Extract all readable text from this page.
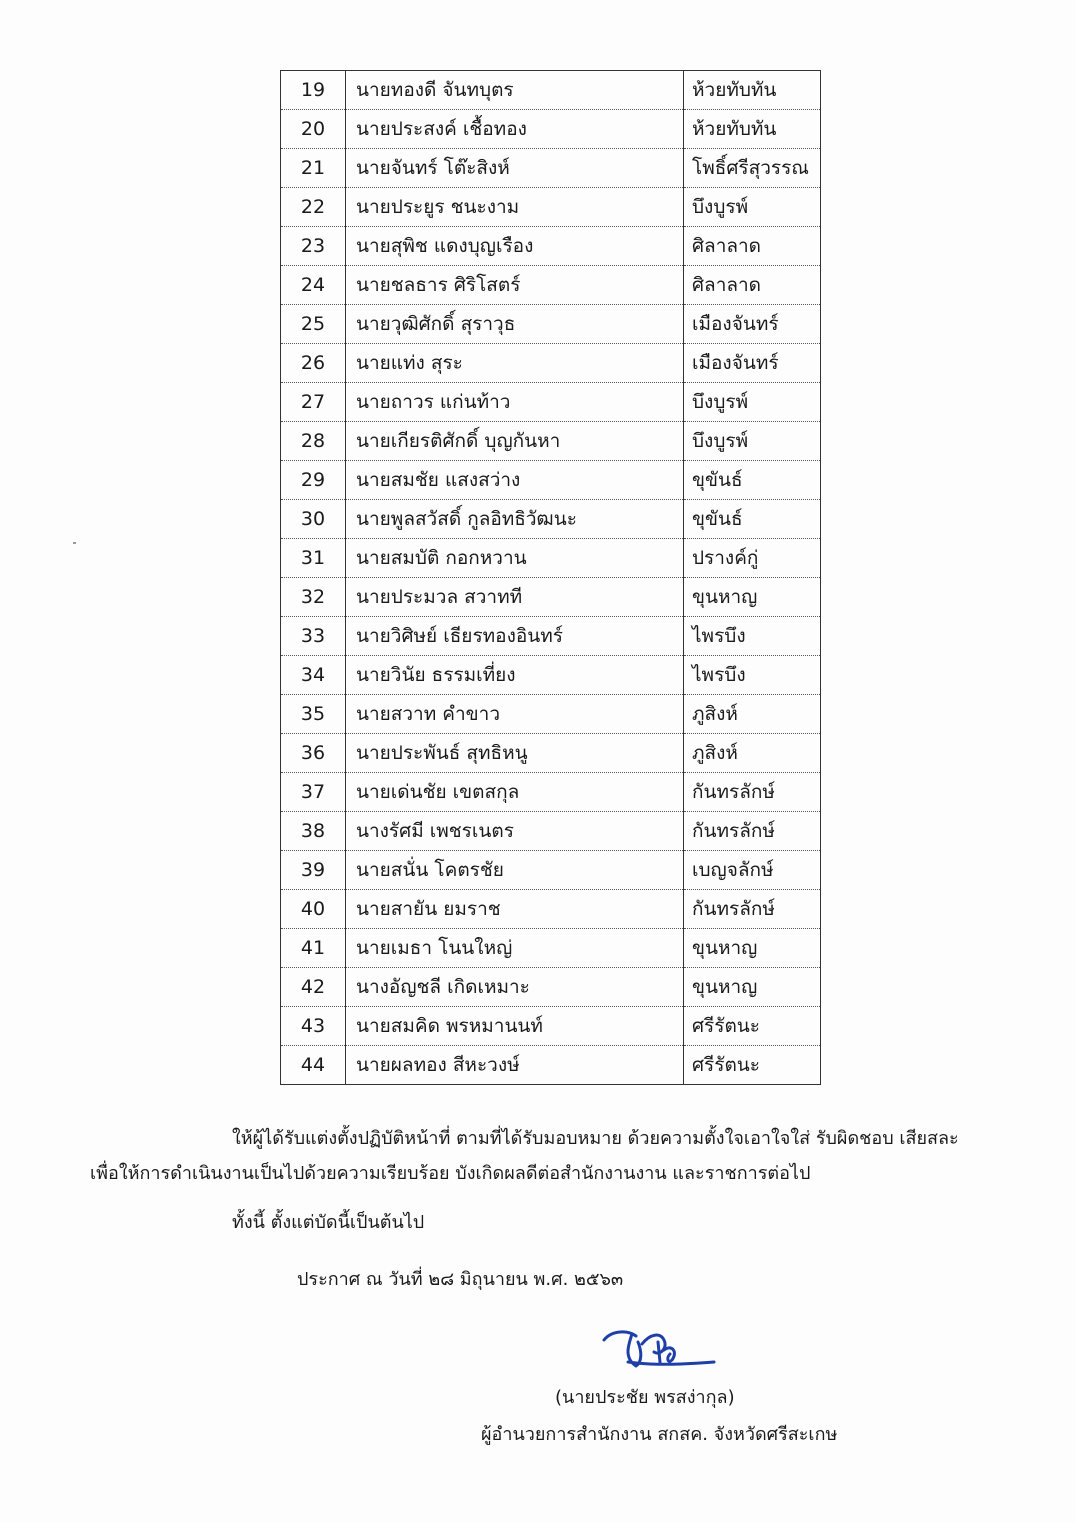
19	นายทองดี จันทบุตร	ห้วยทับทัน
20	นายประสงค์ เชื้อทอง	ห้วยทับทัน
21	นายจันทร์ โต๊ะสิงห์	โพธิ์ศรีสุวรรณ
22	นายประยูร ชนะงาม	บึงบูรพ์
23	นายสุพิช แดงบุญเรือง	ศิลาลาด
24	นายชลธาร ศิริโสตร์	ศิลาลาด
25	นายวุฒิศักดิ์ สุราวุธ	เมืองจันทร์
26	นายแท่ง สุระ	เมืองจันทร์
27	นายถาวร แก่นท้าว	บึงบูรพ์
28	นายเกียรติศักดิ์ บุญกันหา	บึงบูรพ์
29	นายสมชัย แสงสว่าง	ขุขันธ์
30	นายพูลสวัสดิ์ กูลอิทธิวัฒนะ	ขุขันธ์
31	นายสมบัติ กอกหวาน	ปรางค์กู่
32	นายประมวล สวาทที	ขุนหาญ
33	นายวิศิษย์ เธียรทองอินทร์	ไพรบึง
34	นายวินัย ธรรมเที่ยง	ไพรบึง
35	นายสวาท คำขาว	ภูสิงห์
36	นายประพันธ์ สุทธิหนู	ภูสิงห์
37	นายเด่นชัย เขตสกุล	กันทรลักษ์
38	นางรัศมี เพชรเนตร	กันทรลักษ์
39	นายสนั่น โคตรชัย	เบญจลักษ์
40	นายสายัน ยมราช	กันทรลักษ์
41	นายเมธา โนนใหญ่	ขุนหาญ
42	นางอัญชลี เกิดเหมาะ	ขุนหาญ
43	นายสมคิด พรหมานนท์	ศรีรัตนะ
44	นายผลทอง สีหะวงษ์	ศรีรัตนะ

ให้ผู้ได้รับแต่งตั้งปฏิบัติหน้าที่ ตามที่ได้รับมอบหมาย ด้วยความตั้งใจเอาใจใส่ รับผิดชอบ เสียสละ

เพื่อให้การดำเนินงานเป็นไปด้วยความเรียบร้อย บังเกิดผลดีต่อสำนักงานงาน และราชการต่อไป

ทั้งนี้ ตั้งแต่บัดนี้เป็นต้นไป

ประกาศ ณ วันที่ ๒๘ มิถุนายน พ.ศ. ๒๕๖๓

(นายประชัย พรสง่ากุล)
ผู้อำนวยการสำนักงาน สกสค. จังหวัดศรีสะเกษ
